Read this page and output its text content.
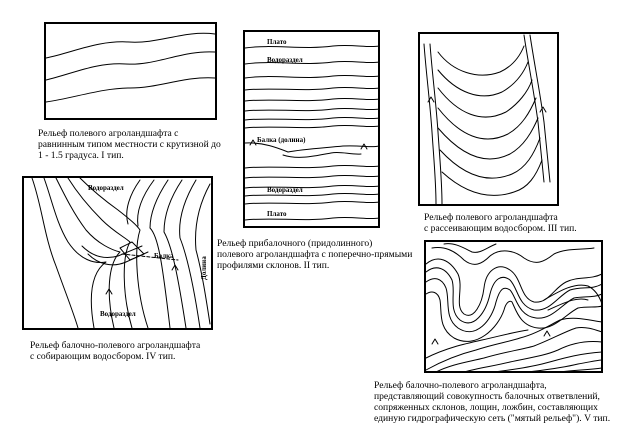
Рельеф полевого агроландшафта с
равнинным типом местности с крутизной до
1 - 1.5 градуса. I тип.

Плато
Водораздел
Балка (долина)
Водораздел
Плато

Рельеф прибалочного (придолинного)
полевого агроландшафта с поперечно-прямыми
профилями склонов. II тип.

Рельеф полевого агроландшафта
с рассеивающим водосбором. III тип.

Водораздел
Балка
Долина
Водораздел

Рельеф балочно-полевого агроландшафта
с собирающим водосбором. IV тип.

Рельеф балочно-полевого агроландшафта,
представляющий совокупность балочных ответвлений,
сопряженных склонов, лощин, ложбин, составляющих
единую гидрографическую сеть ("мятый рельеф"). V тип.
